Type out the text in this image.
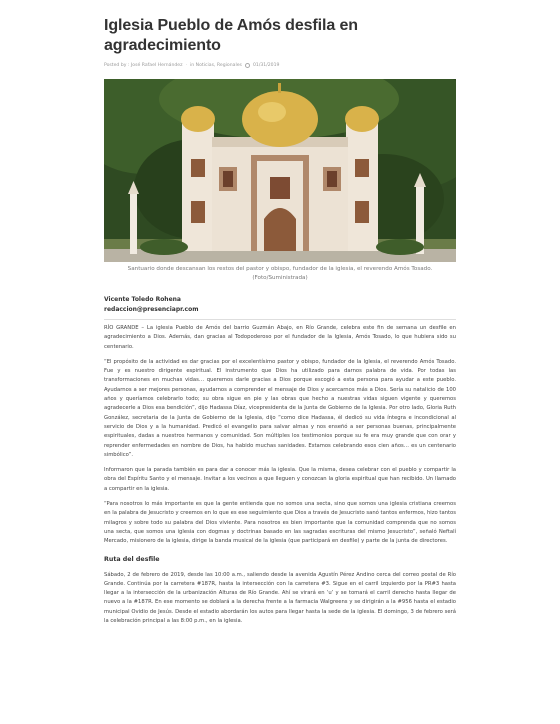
Iglesia Pueblo de Amós desfila en agradecimiento
Posted by : José Rafael Hernández · in Noticias, Regionales 01/31/2019
Santuario donde descansan los restos del pastor y obispo, fundador de la iglesia, el reverendo Amós Tosado. (Foto/Suministrada)
Vicente Toledo Rohena
redaccion@presenciapr.com

RÍO GRANDE – La iglesia Pueblo de Amós del barrio Guzmán Abajo, en Río Grande, celebra este fin de semana un desfile en agradecimiento a Dios. Además, dan gracias al Todopoderoso por el fundador de la Iglesia, Amós Tosado, lo que hubiera sido su centenario.

“El propósito de la actividad es dar gracias por el excelentísimo pastor y obispo, fundador de la Iglesia, el reverendo Amós Tosado. Fue y es nuestro dirigente espiritual. El instrumento que Dios ha utilizado para darnos palabra de vida. Por todas las transformaciones en muchas vidas… queremos darle gracias a Dios porque escogió a esta persona para ayudar a este pueblo. Ayudarnos a ser mejores personas, ayudarnos a comprender el mensaje de Dios y acercarnos más a Dios. Sería su natalicio de 100 años y queríamos celebrarlo todo; su obra sigue en pie y las obras que hecho a nuestras vidas siguen vigente y queremos agradecerle a Dios esa bendición”, dijo Hadassa Díaz, vicepresidenta de la Junta de Gobierno de la Iglesia. Por otro lado, Gloria Ruth González, secretaria de la Junta de Gobierno de la Iglesia, dijo “como dice Hadassa, él dedicó su vida íntegra e incondicional al servicio de Dios y a la humanidad. Predicó el evangelio para salvar almas y nos enseñó a ser personas buenas, principalmente espirituales, dadas a nuestros hermanos y comunidad. Son múltiples los testimonios porque su fe era muy grande que con orar y reprender enfermedades en nombre de Dios, ha habido muchas sanidades. Estamos celebrando esos cien años… es un centenario simbólico”.

Informaron que la parada también es para dar a conocer más la iglesia. Que la misma, desea celebrar con el pueblo y compartir la obra del Espíritu Santo y el mensaje. Invitar a los vecinos a que lleguen y conozcan la gloria espiritual que han recibido. Un llamado a compartir en la iglesia.

“Para nosotros lo más importante es que la gente entienda que no somos una secta, sino que somos una iglesia cristiana creemos en la palabra de Jesucristo y creemos en lo que es ese seguimiento que Dios a través de Jesucristo sanó tantos enfermos, hizo tantos milagros y sobre todo su palabra del Dios viviente. Para nosotros es bien importante que la comunidad comprenda que no somos una secta, que somos una iglesia con dogmas y doctrinas basado en las sagradas escrituras del mismo Jesucristo”, señaló Neftalí Mercado, misionero de la iglesia, dirige la banda musical de la iglesia (que participará en desfile) y parte de la junta de directores.

Ruta del desfile

Sábado, 2 de febrero de 2019, desde las 10:00 a.m., saliendo desde la avenida Agustín Pérez Andino cerca del correo postal de Río Grande. Continúa por la carretera #187R, hasta la intersección con la carretera #3. Sigue en el carril izquierdo por la PR#3 hasta llegar a la intersección de la urbanización Alturas de Río Grande. Ahí se virará en ‘u’ y se tomará el carril derecho hasta llegar de nuevo a la #187R. En ese momento se doblará a la derecha frente a la farmacia Walgreens y se dirigirán a la #956 hasta el estadio municipal Ovidio de Jesús. Desde el estadio abordarán los autos para llegar hasta la sede de la iglesia. El domingo, 3 de febrero será la celebración principal a las 8:00 p.m., en la iglesia.
